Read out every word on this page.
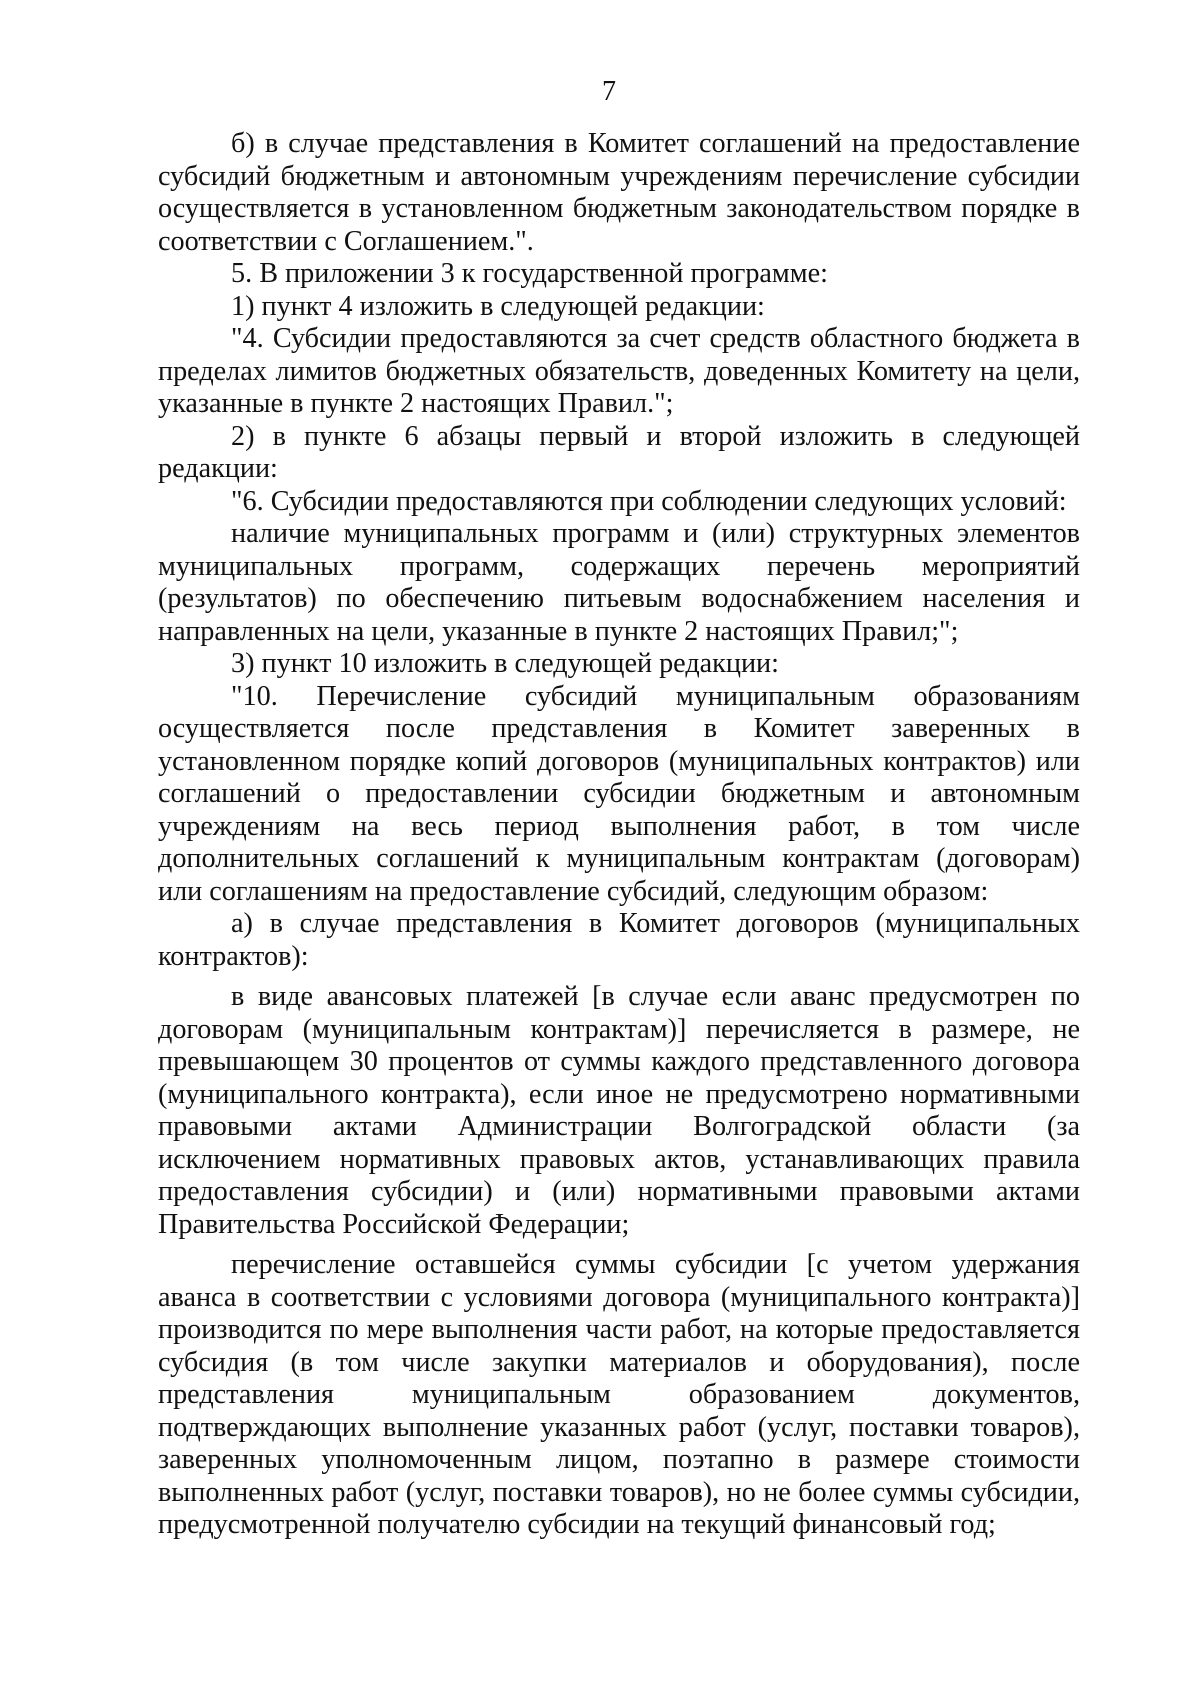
7

б) в случае представления в Комитет соглашений на предоставление субсидий бюджетным и автономным учреждениям перечисление субсидии осуществляется в установленном бюджетным законодательством порядке в соответствии с Соглашением.".

5. В приложении 3 к государственной программе:

1) пункт 4 изложить в следующей редакции:

"4. Субсидии предоставляются за счет средств областного бюджета в пределах лимитов бюджетных обязательств, доведенных Комитету на цели, указанные в пункте 2 настоящих Правил.";

2) в пункте 6 абзацы первый и второй изложить в следующей редакции:

"6. Субсидии предоставляются при соблюдении следующих условий:

наличие муниципальных программ и (или) структурных элементов муниципальных программ, содержащих перечень мероприятий (результатов) по обеспечению питьевым водоснабжением населения и направленных на цели, указанные в пункте 2 настоящих Правил;";

3) пункт 10 изложить в следующей редакции:

"10. Перечисление субсидий муниципальным образованиям осуществляется после представления в Комитет заверенных в установленном порядке копий договоров (муниципальных контрактов) или соглашений о предоставлении субсидии бюджетным и автономным учреждениям на весь период выполнения работ, в том числе дополнительных соглашений к муниципальным контрактам (договорам) или соглашениям на предоставление субсидий, следующим образом:

а) в случае представления в Комитет договоров (муниципальных контрактов):

в виде авансовых платежей [в случае если аванс предусмотрен по договорам (муниципальным контрактам)] перечисляется в размере, не превышающем 30 процентов от суммы каждого представленного договора (муниципального контракта), если иное не предусмотрено нормативными правовыми актами Администрации Волгоградской области (за исключением нормативных правовых актов, устанавливающих правила предоставления субсидии) и (или) нормативными правовыми актами Правительства Российской Федерации;

перечисление оставшейся суммы субсидии [с учетом удержания аванса в соответствии с условиями договора (муниципального контракта)] производится по мере выполнения части работ, на которые предоставляется субсидия (в том числе закупки материалов и оборудования), после представления муниципальным образованием документов, подтверждающих выполнение указанных работ (услуг, поставки товаров), заверенных уполномоченным лицом, поэтапно в размере стоимости выполненных работ (услуг, поставки товаров), но не более суммы субсидии, предусмотренной получателю субсидии на текущий финансовый год;
